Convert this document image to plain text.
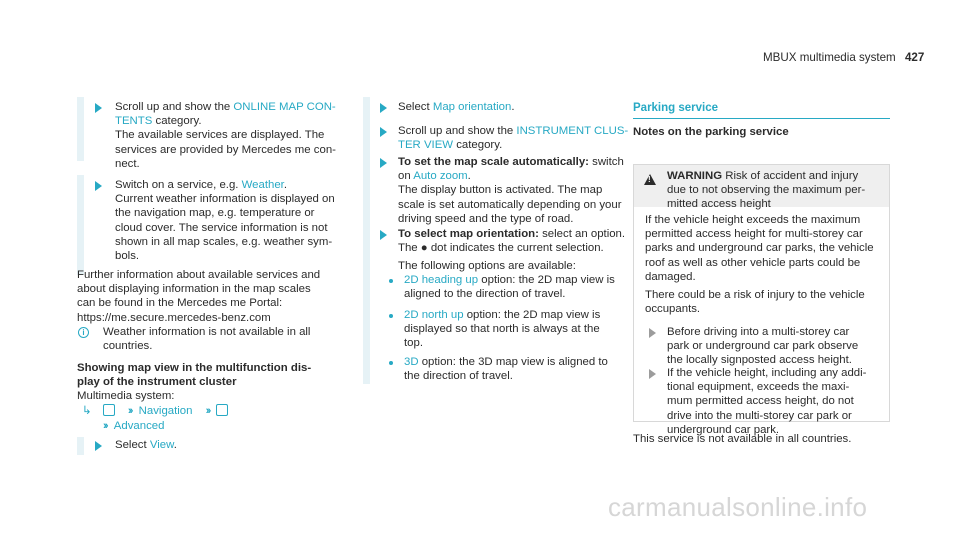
MBUX multimedia system 427
Scroll up and show the ONLINE MAP CON-
TENTS category.
The available services are displayed. The
services are provided by Mercedes me con-
nect.
Switch on a service, e.g. Weather.
Current weather information is displayed on
the navigation map, e.g. temperature or
cloud cover. The service information is not
shown in all map scales, e.g. weather sym-
bols.
Further information about available services and
about displaying information in the map scales
can be found in the Mercedes me Portal:
https://me.secure.mercedes-benz.com
i	Weather information is not available in all
countries.
Showing map view in the multifunction dis-
play of the instrument cluster
Multimedia system:
↳	›› Navigation ››
›› Advanced
Select View.
Select Map orientation.
Scroll up and show the INSTRUMENT CLUS-
TER VIEW category.
To set the map scale automatically: switch
on Auto zoom.
The display button is activated. The map
scale is set automatically depending on your
driving speed and the type of road.
To select map orientation: select an option.
The ● dot indicates the current selection.
The following options are available:
2D heading up option: the 2D map view is
aligned to the direction of travel.
2D north up option: the 2D map view is
displayed so that north is always at the
top.
3D option: the 3D map view is aligned to
the direction of travel.
Parking service
Notes on the parking service
! WARNING Risk of accident and injury
due to not observing the maximum per-
mitted access height
If the vehicle height exceeds the maximum
permitted access height for multi-storey car
parks and underground car parks, the vehicle
roof as well as other vehicle parts could be
damaged.
There could be a risk of injury to the vehicle
occupants.
Before driving into a multi-storey car
park or underground car park observe
the locally signposted access height.
If the vehicle height, including any addi-
tional equipment, exceeds the maxi-
mum permitted access height, do not
drive into the multi-storey car park or
underground car park.
This service is not available in all countries.
carmanualsonline.info
